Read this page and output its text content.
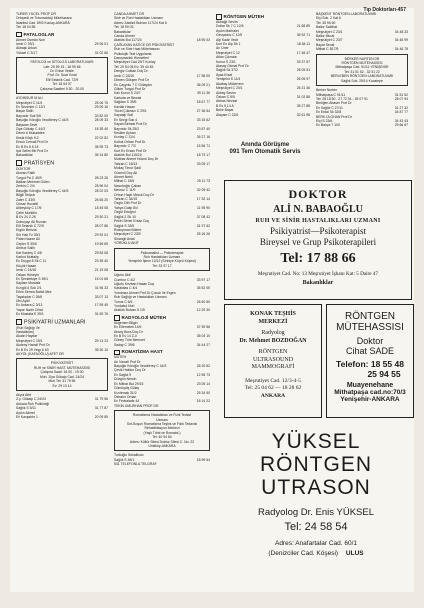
Tıp Doktorları-457
TÜRER YÜCEL PROF DR
Ortopedi ve Travmatoloji Mütehassısı
İstanbul Cad. 89/3 Kızılay-ANKARA
Tel: 18 04 85
PATALOGLAR
Ahmet Osman Nuri
İzmir C 39/1	29 06 01
Akbaşlı Arkan
Yüksel C 3/17	31 02 66
PATOLOJİ ve SİTOLOJİ LABORATUVARI
Lab: 25 59 15 - 18 99 66
Dr. Enise Vesile
Prof. Dr. Suat Vural
Elif Selanik Cad. 72/9
Tel: 18 64 07
Çalışma Saatleri 9.30 - 20.00
AYDINSUR M ALİ
Meşrutiyet C 11/4	25 06 75
Ev Sezenler C 12/1	29 09 16
Başar Salih
Bayındır Sok 5/6	33 82 00
Başoğlu Köroğlu Vecdilerey C 44/3	28 09 33
Başaran Sevit
Ziya Gökalp C 44/3	18 35 40
Demir A Mukaddes
Kesik Köşk 9-2	22 02 52
Ersun Cemali Prof Dr
Ev B Ev 6 6 14	35 95 73
Işık Selim Mit Prof Dr
Bakanlıklar	35 14 80
PRATİSYEN
DOKTOR
Akman Fatih
Turgut Pa C 46/9	28 23 25
Balkan Mehmet Gülen
Zerbin C 2/4	28 96 04
Başoğlu Köroğlu Vecdilerey C 44/3	28 02 03
Bilgili Selçuk
Zafer C 33/5	26 65 20
Cinsar Hocabil
Alibeyköy C 17/5	18 45 08
Çetin Muhittin
B Ev 24 Z-26	29 30 21
Dobuçayı Ali Rızvan
Elif Selanik C 72/9	28 07 86
Ergün Behzat
Sıh Hak Fz 39/1	29 92 01
Fidan Nazım Ali
Cepler S 30/6	19 55 69
Anıtsız Salih
Kat Kardeş C 4/8	29 83 08
Karkut Muttalip
Ev Duygu 8 Sk C 11	23 35 40
Küçük Hasan
İzmir C 24/16	21 19 08
Ozkan Hüseyin
Ev Şevketkiye S 39/1	15 01 65
Saylam Mustafa
Kızıgöl 4 Sok 2/1	31 96 33
Erkin Semra Bahid Mez
Tayakçılar C 26/6	33 07 13
Ülvi Aydil
Ev Ankara C 3/13	17 59 49
Yapar Nadir Cihat
Ev Mustafa S 39/1	31 69 76
PSİKİYATRİ UZMANLARI
(Ruh Sağlığı Ve
Hastalıkları)
Akalın Haydar
Meşrutiyet C 19/1	29 13 23
Akdeny Hamdi Prof Dr
Ev B Ev 29 Yeşp 6 63	35 30 10
AKYOL (KAFAOĞLU) AFET DR
PSİKİYATRİST
RUH ve SİNİR HAST. MÜTEHASSISI
Çalışma Saati: 16.00 - 19.00
Muh. Ziya Gökalp Cad. 24/24
Muh Tel: 31 79 56
Ev: 29 13 14
Akyol Afet
Z.y. Gökalp C 24/24	31 79 56
Ankara Ruh Polikliniği
Sağlık S 5/11	31 77 87
Aydın Alimet
Ev Kavşaktır 1	20 09 89
CANDA AHMET DR
Sinir ve Ruh Hastalıkları Uzmanı
Adres: Atatürk Bulvarı 117/24 Kat 6
Tel: 18 90 03
Bakanlıklar
Canda Ahmet
Atatürk Bul 117/24	18 90 03
ÇAĞLAYAN HATİCE DR PSİKİYATRİST
Ruh ve Sinir Hast Mütehassısı
Psikolojik Test Uygulama
Danışmanlık Hizmetleri
Meşrutiyet Cad 29/7 Kızılay
Tel: 29 54 05 Ev: 35 44 83
Dengiz Coktan Doç Dr
İzmir C 33/10	17 58 00
Dilmen Gökşen Prof Dr
Ev Çayyolu 7 C Gülaydın	36 09 21
Göker Turgut Prof Dr
Kalı Konur S 24/7	39 11 36
Karkuta ve Bewalı
Sağdan S 39/5	18 67 77
Kavlak Hasan
Yücel Çıkmazı C 29/1	27 36 54
Kayaalp Sofi
Ev Sevgi Sok 4	33 15 62
Kayan Behzat Prof Dr
Bayındır Sk 25/2	23 87 40
Kesiker Ayhan
Kızılay C 11/4	35 27 16
Koltuk Orhan Prof Dr
Bayındır C 7/3	15 56 71
Kurt Ev Ersan Prof Dr
Atatürk Bul 115/16	18 73 17
Mubhar Ahmet Hüsnü Doç Dr
Tahran C 16/13	33 05 17
Mollaç Timur Şadi
Güvenli Doç Ali
Ahmet Nebil
Mithat C 18/5	25 11 73
Nasuhoğlu Çaban
Nevruz C 11/9	32 09 42
Orhun Hayri Mesut Doç Dr
Tahran C 34/15	17 32 14
Özgür Dilli Prof Dr
Yahya Galip 8/4	11 95 90
Özgül Ertuğrul
Sağlık 2 Sk 10	37 08 42
Pekin Seher Ersan Doç
Sağlık S 33/5	31 97 62
Rodopman Bülent
Meşrutiyet C 23/9	25 16 26
Sinangil Arsal
YÖRÜKLÜ AKİF
Psikoanalist — Psikoterapist
Ruh Hastalıkları Uzmanı
Yenişehir İşlem 12/12 (Sıhhiye Köprü Köşesi)
Tel: 33 97 17
Uğurlu Akif
Cumhur C 4/2	33 97 17
Uğurlu Kezban Hasan Doç
Karakitas C 4/4	35 52 05
Yorulmaz Ahmet Prof Dr Çocuk Ve Ergen
Ruh Sağlığı ve Hastalıkları Uzmanı
Tunus C 6/6	26 60 60
Yurdakul Nuri
Atatürk Bulvarı 5 1/5	12 29 30
RADYOLOJİ MÜTEH
Akgemen Bilgin
Ev Eltemelek 14/6	37 59 56
Aksoy Bora Doç Dr
Ev B Ev 14 Z-0	35 04 10
Güney Tüm Mehmet
Saday C 39/6	34 44 27
ROMATİZMA HAST
MÜTEH
Arı Necati Prof Dr
Başoğlu Köroğlu Vecdilerey C 44/3	28 20 62
Çevik Haldun Doç Dr
Ev Sağlık 9	12 55 73
Düzgün Nesrin
Ev Mithat Bul 29/15	23 05 14
Gümüşdiş Gülay
Kızılırmak 31/2	25 34 50
Özbakır Orhan
Ev Fevkalade 44	18 14 22
TEKİN UMURHAN PROF DR
Romatizma Hastalıkları ve Fizik Tedavi
Uzmanı
Sırt-Boyun Romatizma Teşhis ve Fizik Tedavisi
Rehabilitasyon Merkezi
(Yaşlı Tıbbi ve Romatol.)
Tel: 40 94 84
Adres: Kültür Sitesi Doktor Sitesi C. No: 22
Ümitköy-ANKARA
Turkoğlu Sekalikolo
Sağlık S 45/1	18 99 64
541 TELEFONLA TELGRAF
RÖNTGEN MÜTEH
Akbağlı Sevim
Dollar Sk 7 C 12/6	21 68 89
Aydın Marhalet
Gevşadov C 12/5	35 92 71
Alp Kadir Vecit
Kurt Ev Alp Sk 1	18 84 11
Arı Üner
Meşrutiyet C 12	17 48 47
Atlan Çıkmazı
Konur S 23/1	33 37 57
Atasay Okmal Prof Dr
Sağlık Sk 37/2	28 05 51
Ayas Ersal
Yenişehir S 11/4	26 05 97
Akabay Mükerrem
Meşrutiyet C 20/1	26 21 36
Akbay Sevim
Özkan C 5/5	31 02 88
Abbas Nevzat
B Ev 5 14 A	35 27 88
Bekir Başar
Alaçam C 22/6	32 61 98
BAŞKENT RÖNTGEN LABORATUVARI
Elçi Sok. 2 Kat 6
Tel: 35 96 60
Balkır Sabihat
Meşrutiyet C 23/1	34 48 33
Balkır Murat
Meşrutiyet C 23/7	34 48 99
Bayar Seval
Mithat C B17/5	34 46 78
BERKER NURTEN DR
RÖNTGEN MÜTEHASSISI
Mithatpaşa Cad. 91/11 YENİŞEHİR
Tel: 31 51 52 - 32 51 22
BERLEBEN RÖNTGEN LABORATUVARI
Sağlık Sok. 25/14 Kocatepe
Berker Nurten
Mithatpaşa C 91/11	31 51 52
Tel: 28 18 50 - 27 72 51 - 28 07 91	28 07 94
Berliğen Abaser Prof Dr
Ev Sağlık C 27/11	31 27 32
Ev Erdal Sk 32/8	34 87 77
BERK ÜLGHAN Prof Dr
Elçi S 23/6	34 43 43
Ev Bahçe 7 100	29 66 67
Anında Görüşme
091 Tem Otomatik Servis
DOKTOR
ALİ N. BABAOĞLU
RUH VE SİNİR HASTALIKLARI UZMANI
Psikiyatrist—Psikoterapist
Bireysel ve Grup Psikoterapileri
Tel: 17 88 66
Meşrutiyet Cad. No: 13 Meşrutiyet İşhanı Kat: 5 Daire 47
Bakanlıklar
KONAK TEŞHİS MERKEZİ
Radyolog
Dr. Mehmet BOZDOĞAN
RÖNTGEN
ULTRASOUND
MAMMOGRAFİ
Meşrutiyet Cad. 12/3-4-5
Tel: 25 04 62 — 18 28 62
ANKARA
RÖNTGEN
MÜTEHASSISI
Doktor
Cihat SADE
Telefon: 18 55 48
25 94 55
Muayenehane
Mithatpaşa cad.no:70/3
Yenişehir-ANKARA
YÜKSEL
RÖNTGEN
UTRASON
Radyolog Dr. Enis YÜKSEL
Tel: 24 58 54
Adres: Anafartalar Cad. 60/1
(Denizciler Cad. Köşesi) ULUS
